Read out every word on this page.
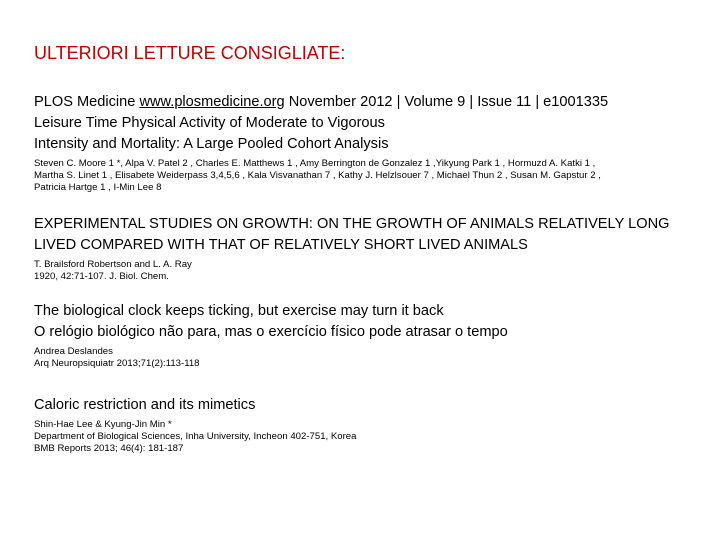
ULTERIORI LETTURE CONSIGLIATE:
PLOS Medicine www.plosmedicine.org November 2012 | Volume 9 | Issue 11 | e1001335
Leisure Time Physical Activity of Moderate to Vigorous
Intensity and Mortality: A Large Pooled Cohort Analysis
Steven C. Moore 1 *, Alpa V. Patel 2 , Charles E. Matthews 1 , Amy Berrington de Gonzalez 1 ,Yikyung Park 1 , Hormuzd A. Katki 1 ,
Martha S. Linet 1 , Elisabete Weiderpass 3,4,5,6 , Kala Visvanathan 7 , Kathy J. Helzlsouer 7 , Michael Thun 2 , Susan M. Gapstur 2 ,
Patricia Hartge 1 , I-Min Lee 8
EXPERIMENTAL STUDIES ON GROWTH: ON THE GROWTH OF ANIMALS RELATIVELY LONG
LIVED COMPARED WITH THAT OF RELATIVELY SHORT LIVED ANIMALS
T. Brailsford Robertson and L. A. Ray
1920, 42:71-107. J. Biol. Chem.
The biological clock keeps ticking, but exercise may turn it back
O relógio biológico não para, mas o exercício físico pode atrasar o tempo
Andrea Deslandes
Arq Neuropsiquiatr 2013;71(2):113-118
Caloric restriction and its mimetics
Shin-Hae Lee & Kyung-Jin Min *
Department of Biological Sciences, Inha University, Incheon 402-751, Korea
BMB Reports 2013; 46(4): 181-187
